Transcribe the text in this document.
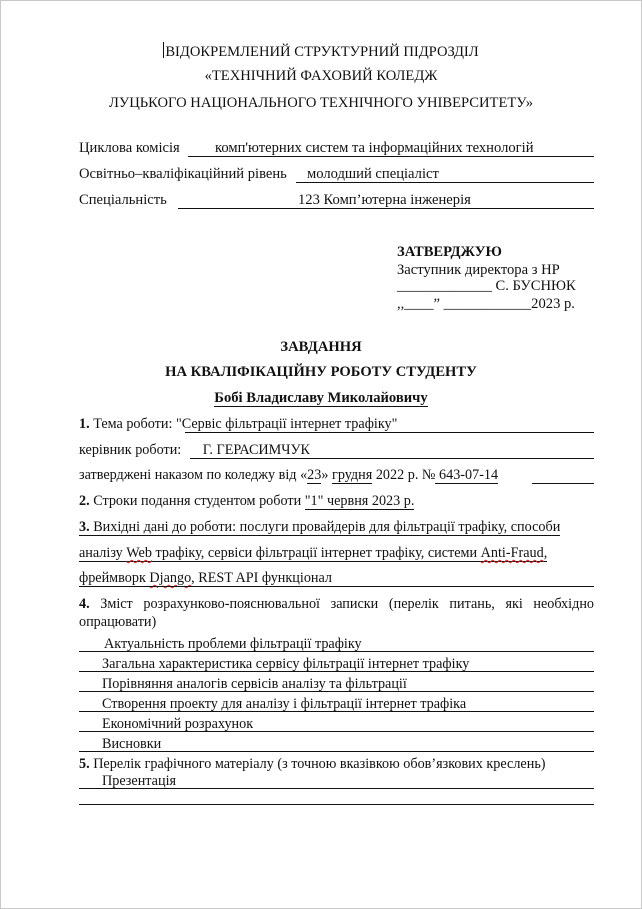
ВІДОКРЕМЛЕНИЙ СТРУКТУРНИЙ ПІДРОЗДІЛ
«ТЕХНІЧНИЙ ФАХОВИЙ КОЛЕДЖ
ЛУЦЬКОГО НАЦІОНАЛЬНОГО ТЕХНІЧНОГО УНІВЕРСИТЕТУ»
Циклова комісія комп'ютерних систем та інформаційних технологій
Освітньо–кваліфікаційний рівень молодший спеціаліст
Спеціальність	123 Комп’ютерна інженерія
ЗАТВЕРДЖУЮ
Заступник директора з НР
_____________ С. БУСНЮК
,,____” ____________2023 р.
ЗАВДАННЯ
НА КВАЛІФІКАЦІЙНУ РОБОТУ СТУДЕНТУ
Бобі Владиславу Миколайовичу
1. Тема роботи: "Сервіс фільтрації інтернет трафіку"
керівник роботи: Г. ГЕРАСИМЧУК
затверджені наказом по коледжу від «23» грудня 2022 р. № 643-07-14
2. Строки подання студентом роботи "1" червня 2023 р.
3. Вихідні дані до роботи: послуги провайдерів для фільтрації трафіку, способи
аналізу Web трафіку, сервіси фільтрації інтернет трафіку, системи Anti-Fraud,
фреймворк Django, REST API функціонал
4. Зміст розрахунково-пояснювальної записки (перелік питань, які необхідно
опрацювати)
Актуальність проблеми фільтрації трафіку
Загальна характеристика сервісу фільтрації інтернет трафіку
Порівняння аналогів сервісів аналізу та фільтрації
Створення проекту для аналізу і фільтрації інтернет трафіка
Економічний розрахунок
Висновки
5. Перелік графічного матеріалу (з точною вказівкою обов’язкових креслень)
Презентація
